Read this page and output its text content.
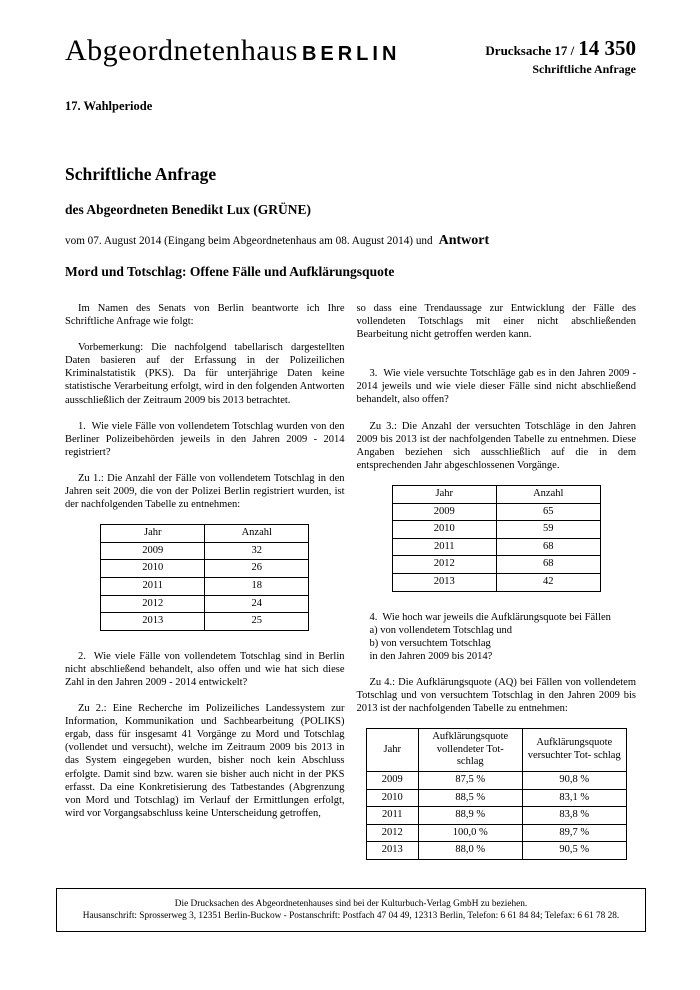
Abgeordnetenhaus BERLIN	Drucksache 17 / 14 350
Schriftliche Anfrage
17. Wahlperiode
Schriftliche Anfrage
des Abgeordneten Benedikt Lux (GRÜNE)
vom 07. August 2014 (Eingang beim Abgeordnetenhaus am 08. August 2014) und Antwort
Mord und Totschlag: Offene Fälle und Aufklärungsquote

Im Namen des Senats von Berlin beantworte ich Ihre Schriftliche Anfrage wie folgt:

Vorbemerkung: Die nachfolgend tabellarisch dargestellten Daten basieren auf der Erfassung in der Polizeilichen Kriminalstatistik (PKS). Da für unterjährige Daten keine statistische Verarbeitung erfolgt, wird in den folgenden Antworten ausschließlich der Zeitraum 2009 bis 2013 betrachtet.

1.  Wie viele Fälle von vollendetem Totschlag wurden von den Berliner Polizeibehörden jeweils in den Jahren 2009 - 2014 registriert?

Zu 1.: Die Anzahl der Fälle von vollendetem Totschlag in den Jahren seit 2009, die von der Polizei Berlin registriert wurden, ist der nachfolgenden Tabelle zu entnehmen:

Jahr	Anzahl
2009	32
2010	26
2011	18
2012	24
2013	25

2.  Wie viele Fälle von vollendetem Totschlag sind in Berlin nicht abschließend behandelt, also offen und wie hat sich diese Zahl in den Jahren 2009 - 2014 entwickelt?

Zu 2.: Eine Recherche im Polizeiliches Landessystem zur Information, Kommunikation und Sachbearbeitung (POLIKS) ergab, dass für insgesamt 41 Vorgänge zu Mord und Totschlag (vollendet und versucht), welche im Zeitraum 2009 bis 2013 in das System eingegeben wurden, bisher noch kein Abschluss erfolgte. Damit sind bzw. waren sie bisher auch nicht in der PKS erfasst. Da eine Konkretisierung des Tatbestandes (Abgrenzung von Mord und Totschlag) im Verlauf der Ermittlungen erfolgt, wird vor Vorgangsabschluss keine Unterscheidung getroffen,

so dass eine Trendaussage zur Entwicklung der Fälle des vollendeten Totschlags mit einer nicht abschließenden Bearbeitung nicht getroffen werden kann.

3.  Wie viele versuchte Totschläge gab es in den Jahren 2009 - 2014 jeweils und wie viele dieser Fälle sind nicht abschließend behandelt, also offen?

Zu 3.: Die Anzahl der versuchten Totschläge in den Jahren 2009 bis 2013 ist der nachfolgenden Tabelle zu entnehmen. Diese Angaben beziehen sich ausschließlich auf die in dem entsprechenden Jahr abgeschlossenen Vorgänge.

Jahr	Anzahl
2009	65
2010	59
2011	68
2012	68
2013	42

4.  Wie hoch war jeweils die Aufklärungsquote bei Fällen
a) von vollendetem Totschlag und
b) von versuchtem Totschlag
in den Jahren 2009 bis 2014?

Zu 4.: Die Aufklärungsquote (AQ) bei Fällen von vollendetem Totschlag und von versuchtem Totschlag in den Jahren 2009 bis 2013 ist der nachfolgenden Tabelle zu entnehmen:

Jahr	Aufklärungsquote vollendeter Tot- schlag	Aufklärungsquote versuchter Tot- schlag
2009	87,5 %	90,8 %
2010	88,5 %	83,1 %
2011	88,9 %	83,8 %
2012	100,0 %	89,7 %
2013	88,0 %	90,5 %
Die Drucksachen des Abgeordnetenhauses sind bei der Kulturbuch-Verlag GmbH zu beziehen.
Hausanschrift: Sprosserweg 3, 12351 Berlin-Buckow - Postanschrift: Postfach 47 04 49, 12313 Berlin, Telefon: 6 61 84 84; Telefax: 6 61 78 28.
